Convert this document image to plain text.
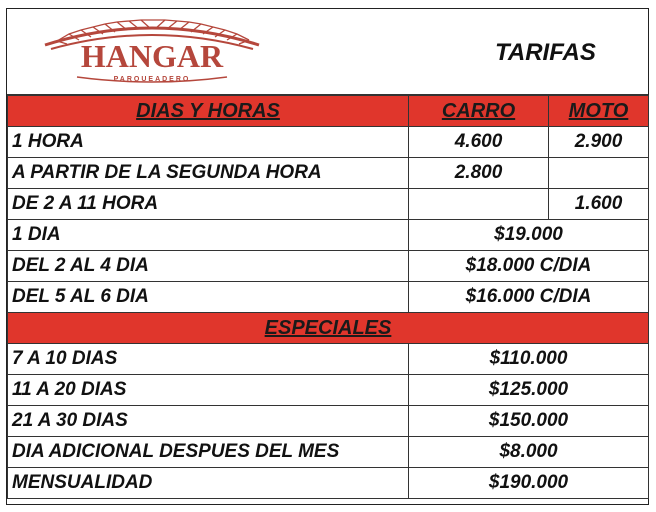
HANGAR
PARQUEADERO
TARIFAS
DIAS Y HORAS	CARRO	MOTO
1 HORA	4.600	2.900
A PARTIR DE LA SEGUNDA HORA	2.800	
DE 2 A 11 HORA		1.600
1 DIA	$19.000	
DEL 2 AL 4 DIA	$18.000 C/DIA	
DEL 5 AL 6 DIA	$16.000 C/DIA	
ESPECIALES		
7 A 10 DIAS	$110.000	
11 A 20 DIAS	$125.000	
21 A 30 DIAS	$150.000	
DIA ADICIONAL DESPUES DEL MES	$8.000	
MENSUALIDAD	$190.000	
